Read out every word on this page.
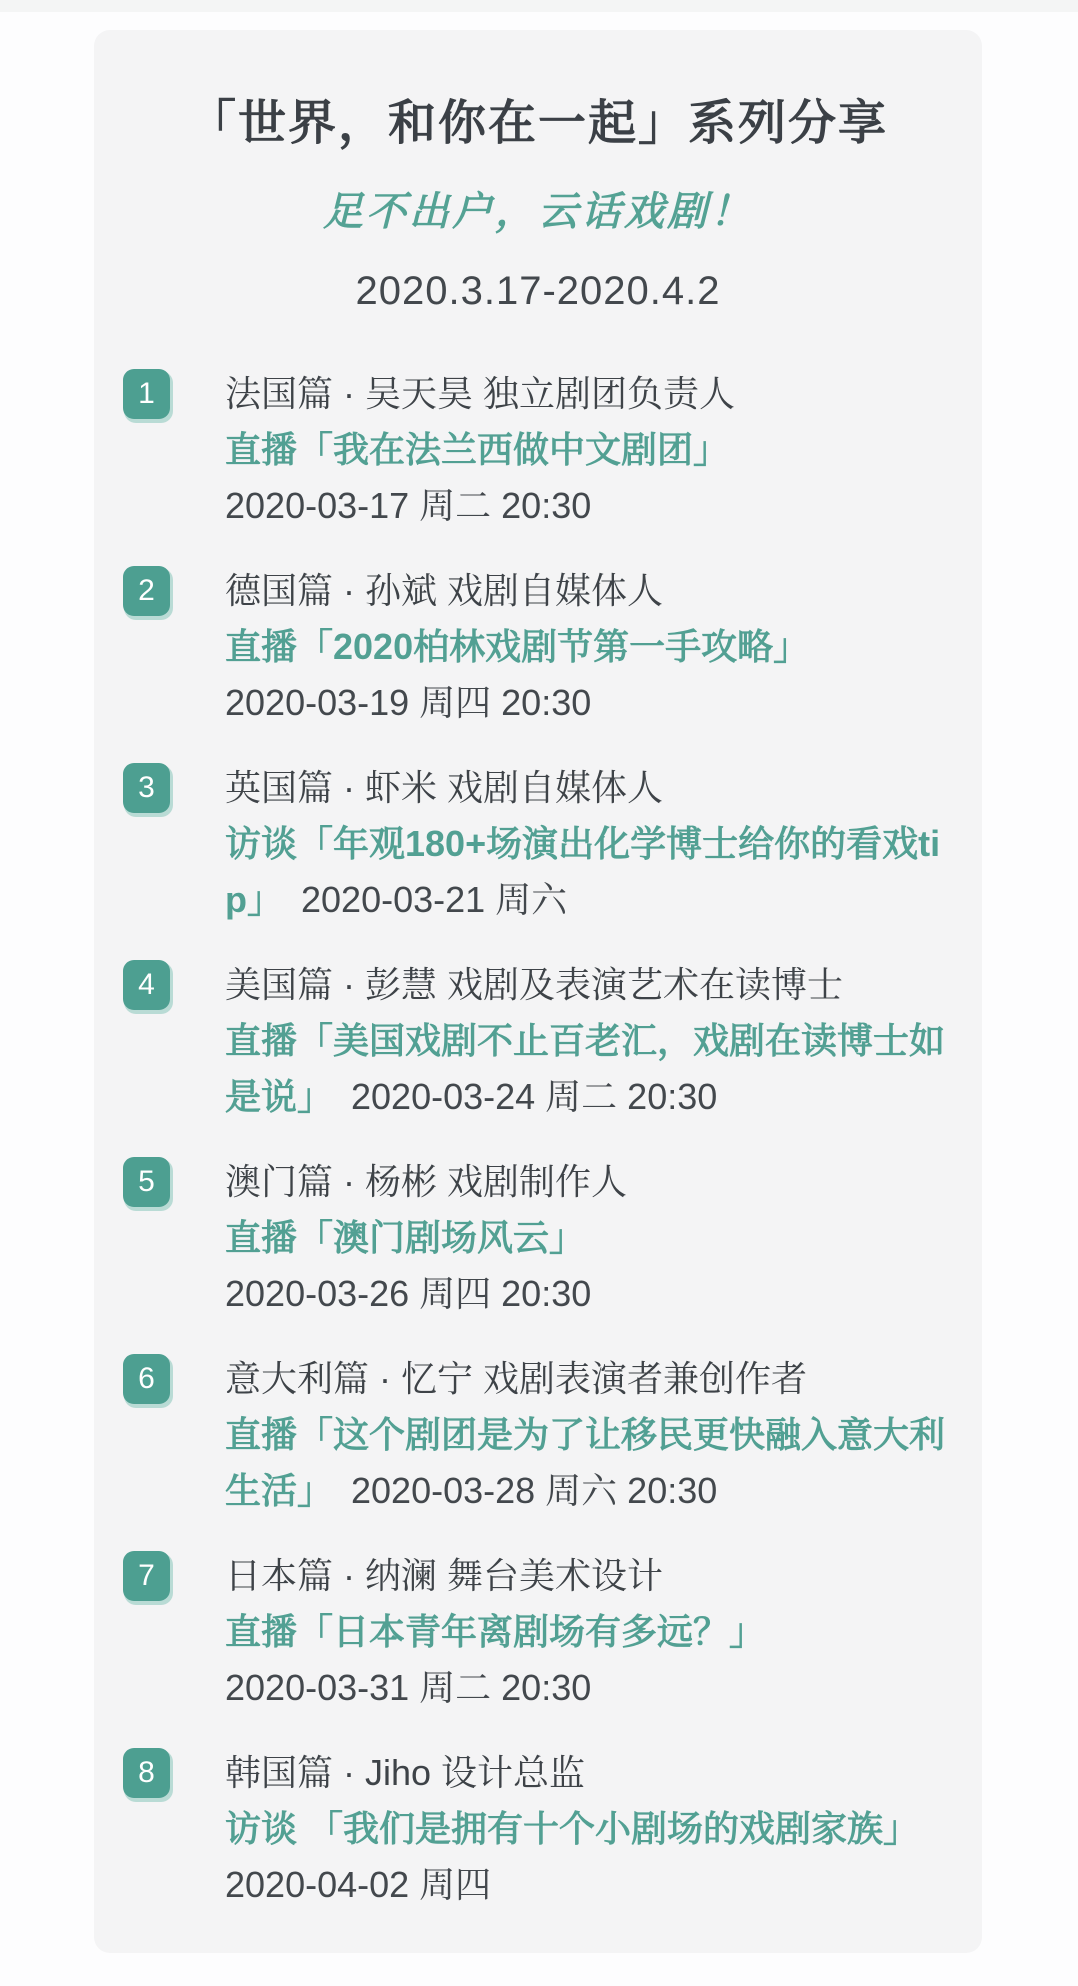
「世界，和你在一起」系列分享
足不出户，云话戏剧！
2020.3.17-2020.4.2
1	法国篇 · 吴天昊 独立剧团负责人
直播「我在法兰西做中文剧团」
2020-03-17 周二 20:30
2	德国篇 · 孙斌 戏剧自媒体人
直播「2020柏林戏剧节第一手攻略」
2020-03-19 周四 20:30
3	英国篇 · 虾米 戏剧自媒体人
访谈「年观180+场演出化学博士给你的看戏tip」 2020-03-21 周六
4	美国篇 · 彭慧 戏剧及表演艺术在读博士
直播「美国戏剧不止百老汇，戏剧在读博士如是说」 2020-03-24 周二 20:30
5	澳门篇 · 杨彬 戏剧制作人
直播「澳门剧场风云」
2020-03-26 周四 20:30
6	意大利篇 · 忆宁 戏剧表演者兼创作者
直播「这个剧团是为了让移民更快融入意大利生活」 2020-03-28 周六 20:30
7	日本篇 · 纳澜 舞台美术设计
直播「日本青年离剧场有多远？」
2020-03-31 周二 20:30
8	韩国篇 · Jiho 设计总监
访谈 「我们是拥有十个小剧场的戏剧家族」
2020-04-02 周四
